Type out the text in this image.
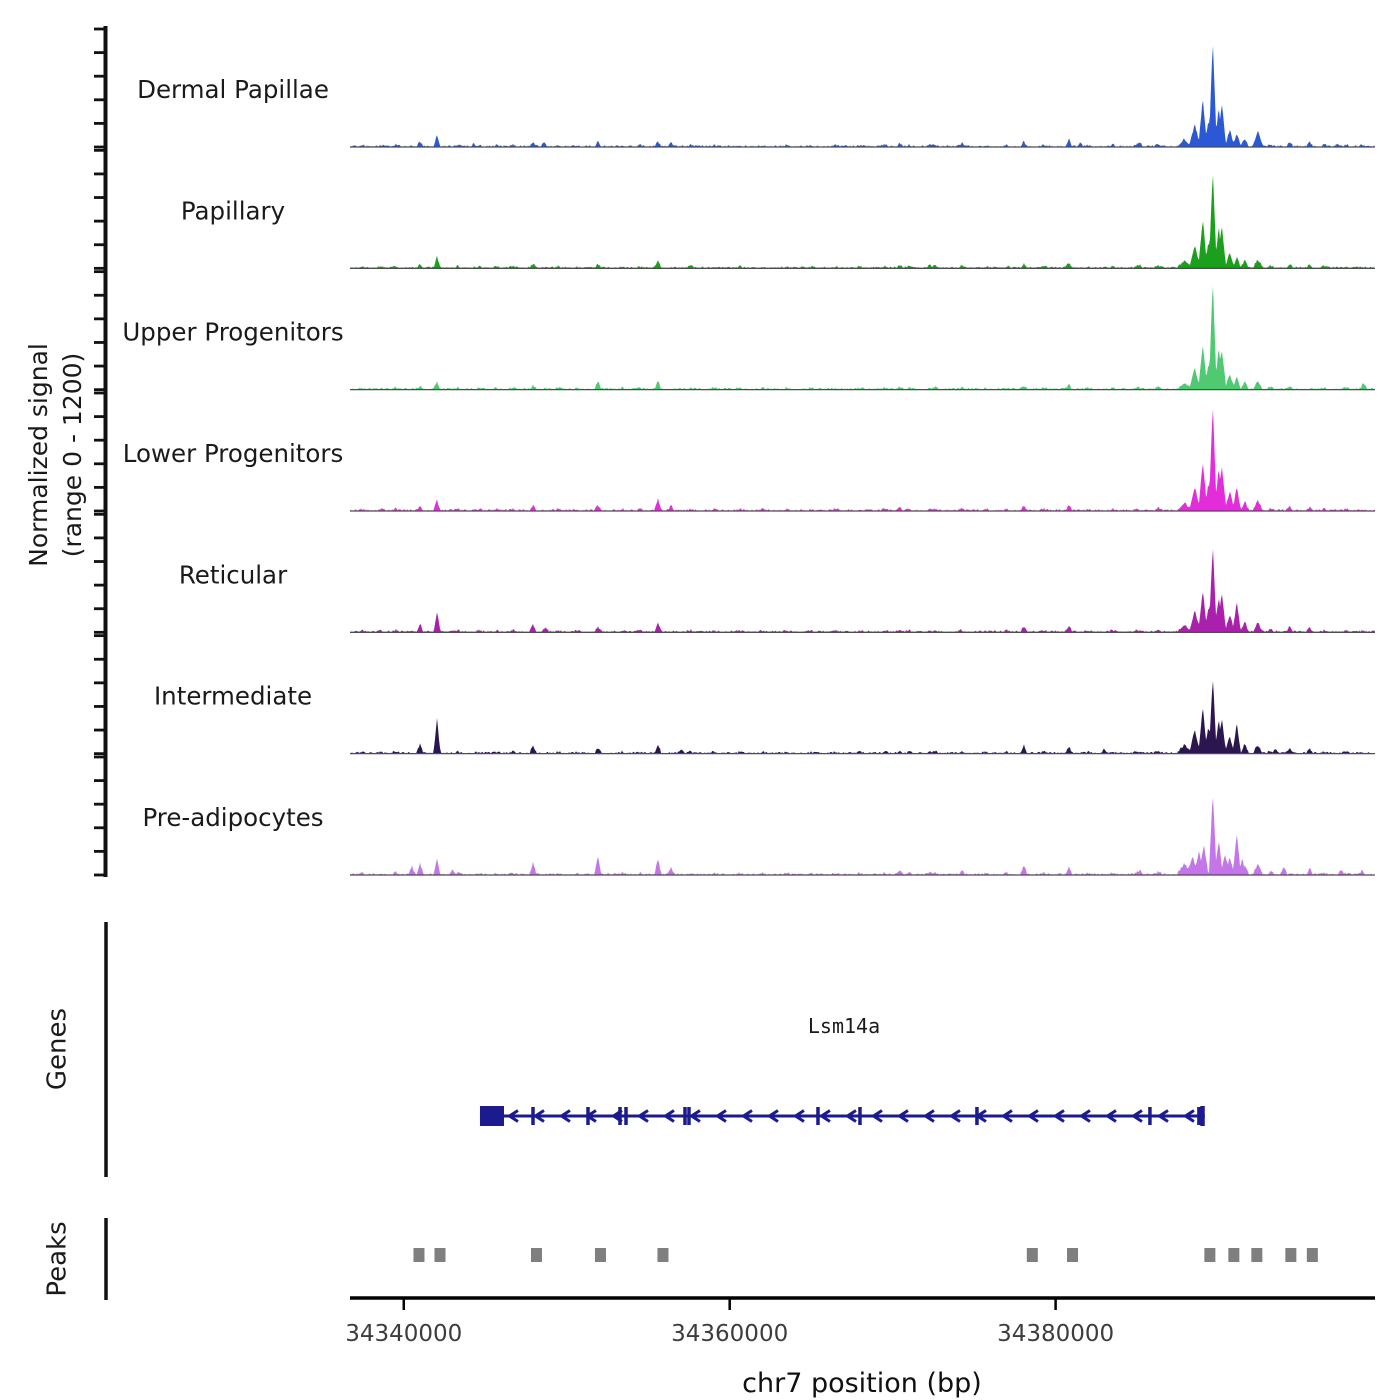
Normalized signal (range 0 - 1200)
Dermal Papillae
Papillary
Upper Progenitors
Lower Progenitors
Reticular
Intermediate
Pre-adipocytes
Genes	Lsm14a
Peaks
34340000	34360000	34380000
chr7 position (bp)
